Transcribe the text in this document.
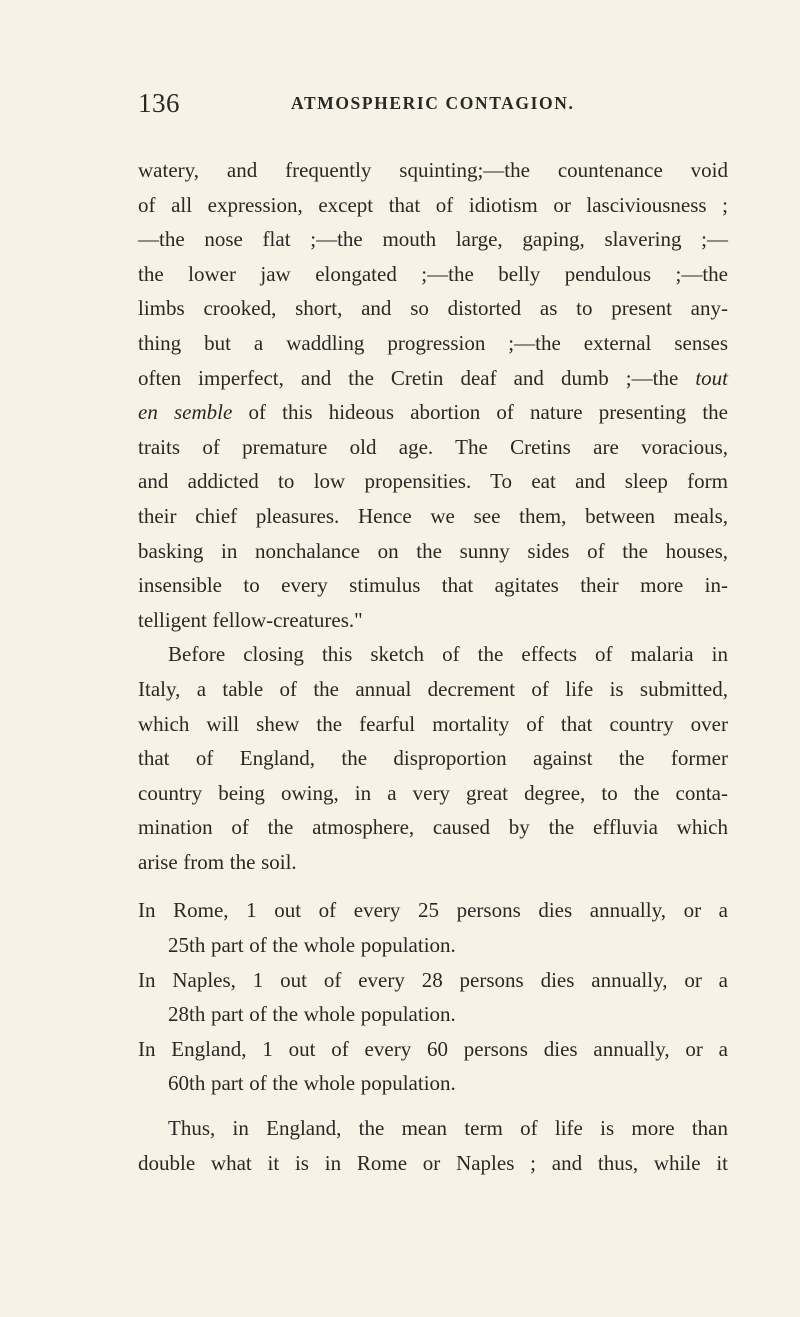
136	ATMOSPHERIC CONTAGION.
watery, and frequently squinting;—the countenance void
of all expression, except that of idiotism or lasciviousness ;
—the nose flat ;—the mouth large, gaping, slavering ;—
the lower jaw elongated ;—the belly pendulous ;—the
limbs crooked, short, and so distorted as to present any-
thing but a waddling progression ;—the external senses
often imperfect, and the Cretin deaf and dumb ;—the tout
en semble of this hideous abortion of nature presenting the
traits of premature old age. The Cretins are voracious,
and addicted to low propensities. To eat and sleep form
their chief pleasures. Hence we see them, between meals,
basking in nonchalance on the sunny sides of the houses,
insensible to every stimulus that agitates their more in-
telligent fellow-creatures."
Before closing this sketch of the effects of malaria in
Italy, a table of the annual decrement of life is submitted,
which will shew the fearful mortality of that country over
that of England, the disproportion against the former
country being owing, in a very great degree, to the conta-
mination of the atmosphere, caused by the effluvia which
arise from the soil.
In Rome, 1 out of every 25 persons dies annually, or a
25th part of the whole population.
In Naples, 1 out of every 28 persons dies annually, or a
28th part of the whole population.
In England, 1 out of every 60 persons dies annually, or a
60th part of the whole population.
Thus, in England, the mean term of life is more than
double what it is in Rome or Naples ; and thus, while it
